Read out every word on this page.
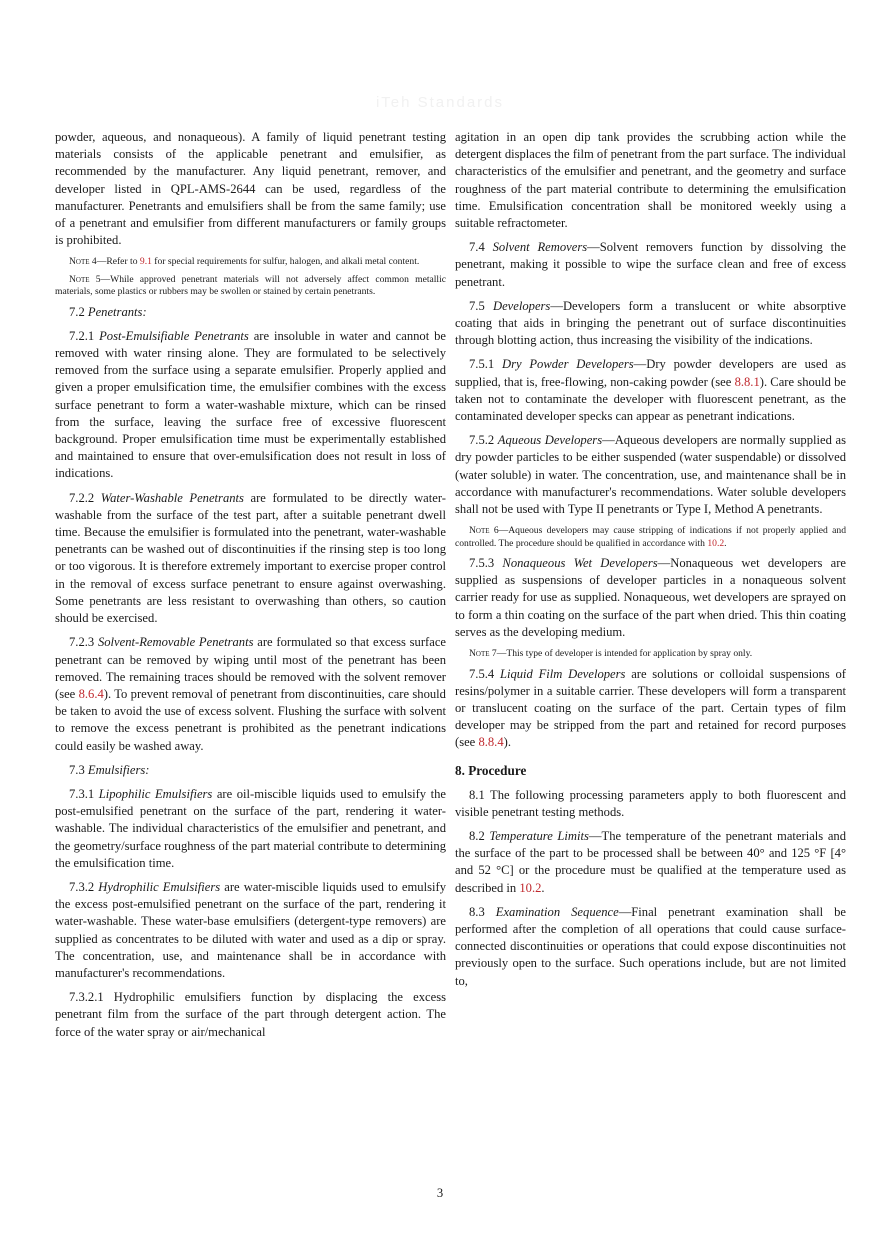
iTeh Standards

powder, aqueous, and nonaqueous). A family of liquid penetrant testing materials consists of the applicable penetrant and emulsifier, as recommended by the manufacturer. Any liquid penetrant, remover, and developer listed in QPL-AMS-2644 can be used, regardless of the manufacturer. Penetrants and emulsifiers shall be from the same family; use of a penetrant and emulsifier from different manufacturers or family groups is prohibited.

Note 4—Refer to 9.1 for special requirements for sulfur, halogen, and alkali metal content.

Note 5—While approved penetrant materials will not adversely affect common metallic materials, some plastics or rubbers may be swollen or stained by certain penetrants.

7.2 Penetrants:

7.2.1 Post-Emulsifiable Penetrants are insoluble in water and cannot be removed with water rinsing alone. They are formulated to be selectively removed from the surface using a separate emulsifier. Properly applied and given a proper emulsification time, the emulsifier combines with the excess surface penetrant to form a water-washable mixture, which can be rinsed from the surface, leaving the surface free of excessive fluorescent background. Proper emulsification time must be experimentally established and maintained to ensure that over-emulsification does not result in loss of indications.

7.2.2 Water-Washable Penetrants are formulated to be directly water-washable from the surface of the test part, after a suitable penetrant dwell time. Because the emulsifier is formulated into the penetrant, water-washable penetrants can be washed out of discontinuities if the rinsing step is too long or too vigorous. It is therefore extremely important to exercise proper control in the removal of excess surface penetrant to ensure against overwashing. Some penetrants are less resistant to overwashing than others, so caution should be exercised.

7.2.3 Solvent-Removable Penetrants are formulated so that excess surface penetrant can be removed by wiping until most of the penetrant has been removed. The remaining traces should be removed with the solvent remover (see 8.6.4). To prevent removal of penetrant from discontinuities, care should be taken to avoid the use of excess solvent. Flushing the surface with solvent to remove the excess penetrant is prohibited as the penetrant indications could easily be washed away.

7.3 Emulsifiers:

7.3.1 Lipophilic Emulsifiers are oil-miscible liquids used to emulsify the post-emulsified penetrant on the surface of the part, rendering it water-washable. The individual characteristics of the emulsifier and penetrant, and the geometry/surface roughness of the part material contribute to determining the emulsification time.

7.3.2 Hydrophilic Emulsifiers are water-miscible liquids used to emulsify the excess post-emulsified penetrant on the surface of the part, rendering it water-washable. These water-base emulsifiers (detergent-type removers) are supplied as concentrates to be diluted with water and used as a dip or spray. The concentration, use, and maintenance shall be in accordance with manufacturer's recommendations.

7.3.2.1 Hydrophilic emulsifiers function by displacing the excess penetrant film from the surface of the part through detergent action. The force of the water spray or air/mechanical

agitation in an open dip tank provides the scrubbing action while the detergent displaces the film of penetrant from the part surface. The individual characteristics of the emulsifier and penetrant, and the geometry and surface roughness of the part material contribute to determining the emulsification time. Emulsification concentration shall be monitored weekly using a suitable refractometer.

7.4 Solvent Removers—Solvent removers function by dissolving the penetrant, making it possible to wipe the surface clean and free of excess penetrant.

7.5 Developers—Developers form a translucent or white absorptive coating that aids in bringing the penetrant out of surface discontinuities through blotting action, thus increasing the visibility of the indications.

7.5.1 Dry Powder Developers—Dry powder developers are used as supplied, that is, free-flowing, non-caking powder (see 8.8.1). Care should be taken not to contaminate the developer with fluorescent penetrant, as the contaminated developer specks can appear as penetrant indications.

7.5.2 Aqueous Developers—Aqueous developers are normally supplied as dry powder particles to be either suspended (water suspendable) or dissolved (water soluble) in water. The concentration, use, and maintenance shall be in accordance with manufacturer's recommendations. Water soluble developers shall not be used with Type II penetrants or Type I, Method A penetrants.

Note 6—Aqueous developers may cause stripping of indications if not properly applied and controlled. The procedure should be qualified in accordance with 10.2.

7.5.3 Nonaqueous Wet Developers—Nonaqueous wet developers are supplied as suspensions of developer particles in a nonaqueous solvent carrier ready for use as supplied. Nonaqueous, wet developers are sprayed on to form a thin coating on the surface of the part when dried. This thin coating serves as the developing medium.

Note 7—This type of developer is intended for application by spray only.

7.5.4 Liquid Film Developers are solutions or colloidal suspensions of resins/polymer in a suitable carrier. These developers will form a transparent or translucent coating on the surface of the part. Certain types of film developer may be stripped from the part and retained for record purposes (see 8.8.4).

8. Procedure

8.1 The following processing parameters apply to both fluorescent and visible penetrant testing methods.

8.2 Temperature Limits—The temperature of the penetrant materials and the surface of the part to be processed shall be between 40° and 125 °F [4° and 52 °C] or the procedure must be qualified at the temperature used as described in 10.2.

8.3 Examination Sequence—Final penetrant examination shall be performed after the completion of all operations that could cause surface-connected discontinuities or operations that could expose discontinuities not previously open to the surface. Such operations include, but are not limited to,

3
